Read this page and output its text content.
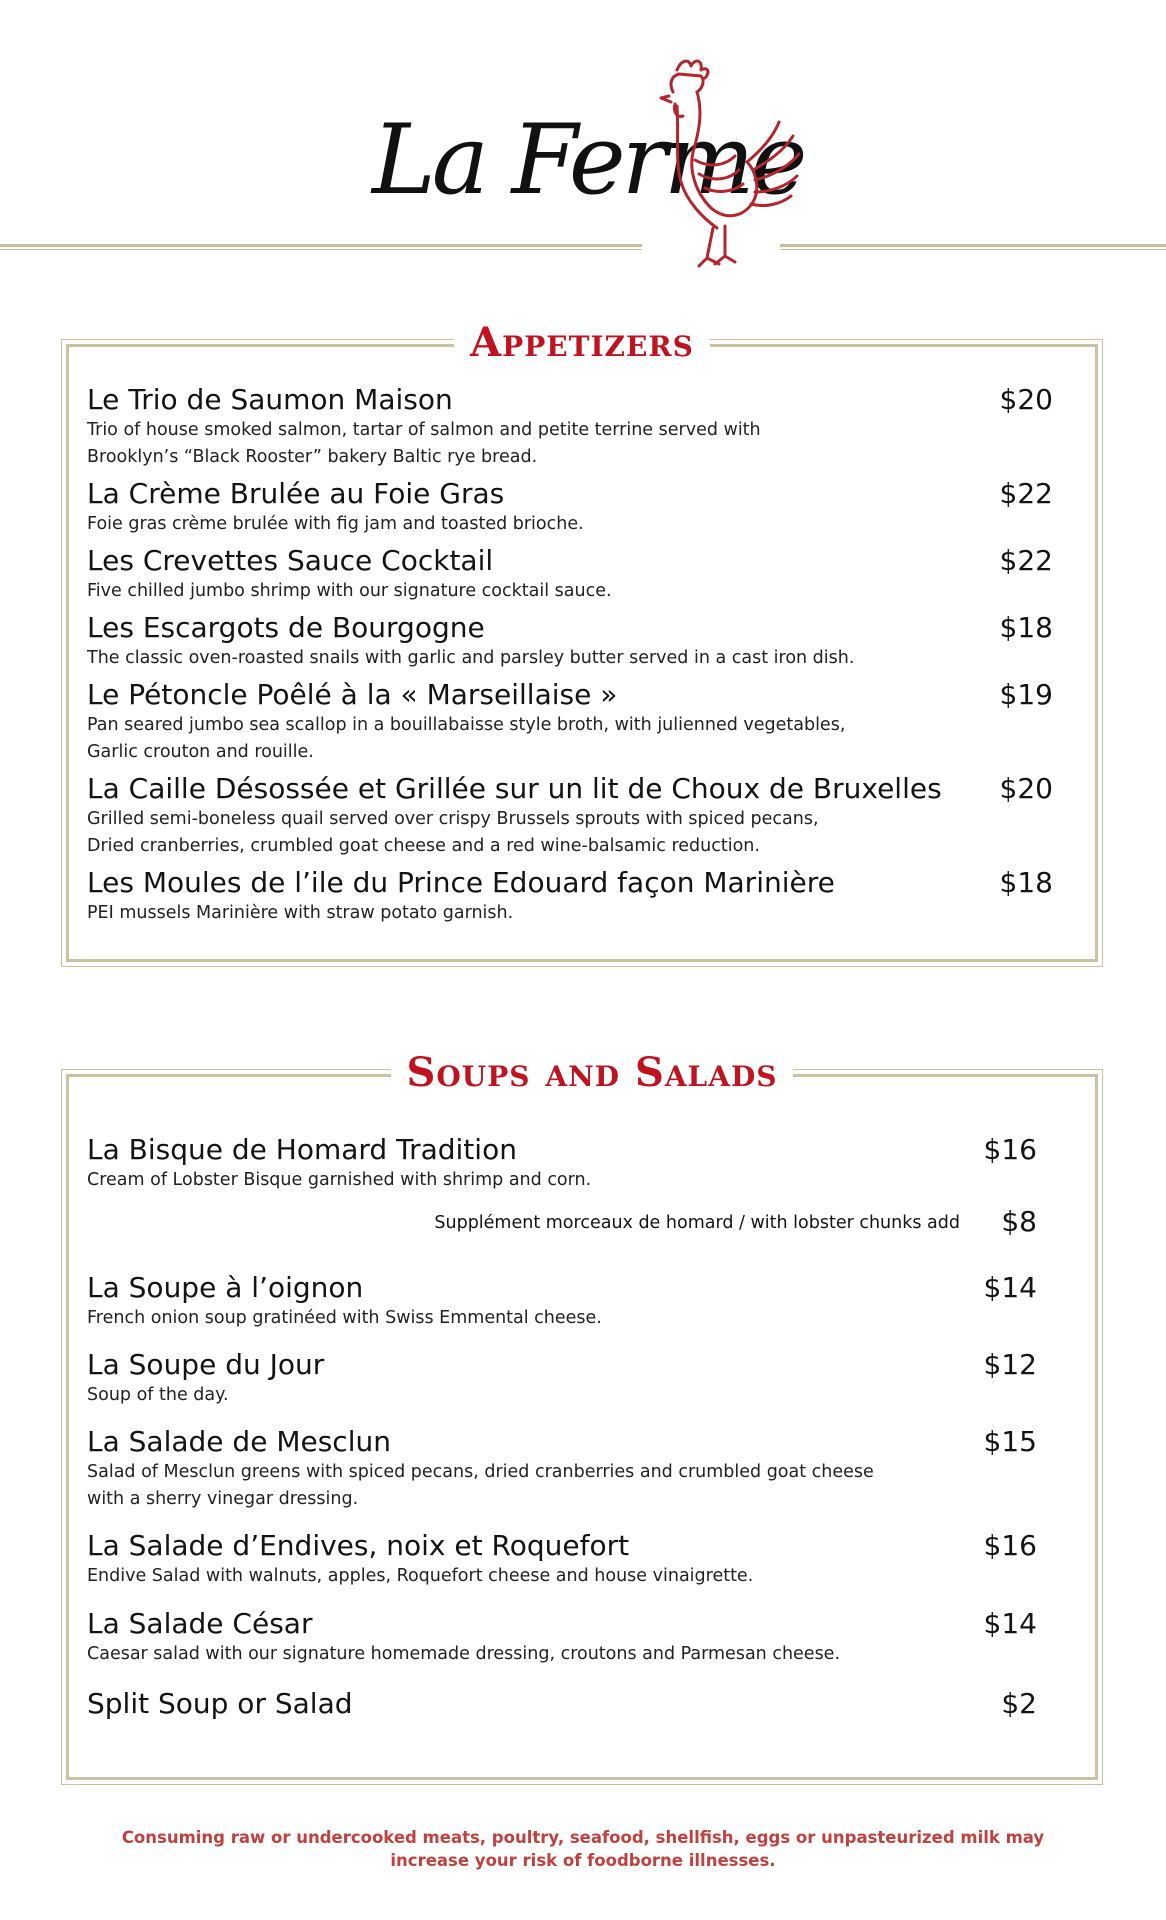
La Ferme
Appetizers
Le Trio de Saumon Maison	$20
Trio of house smoked salmon, tartar of salmon and petite terrine served with
Brooklyn’s “Black Rooster” bakery Baltic rye bread.
La Crème Brulée au Foie Gras	$22
Foie gras crème brulée with fig jam and toasted brioche.
Les Crevettes Sauce Cocktail	$22
Five chilled jumbo shrimp with our signature cocktail sauce.
Les Escargots de Bourgogne	$18
The classic oven-roasted snails with garlic and parsley butter served in a cast iron dish.
Le Pétoncle Poêlé à la « Marseillaise »	$19
Pan seared jumbo sea scallop in a bouillabaisse style broth, with julienned vegetables,
Garlic crouton and rouille.
La Caille Désossée et Grillée sur un lit de Choux de Bruxelles	$20
Grilled semi-boneless quail served over crispy Brussels sprouts with spiced pecans,
Dried cranberries, crumbled goat cheese and a red wine-balsamic reduction.
Les Moules de l’ile du Prince Edouard façon Marinière	$18
PEI mussels Marinière with straw potato garnish.
Soups and Salads
La Bisque de Homard Tradition	$16
Cream of Lobster Bisque garnished with shrimp and corn.
Supplément morceaux de homard / with lobster chunks add	$8
La Soupe à l’oignon	$14
French onion soup gratinéed with Swiss Emmental cheese.
La Soupe du Jour	$12
Soup of the day.
La Salade de Mesclun	$15
Salad of Mesclun greens with spiced pecans, dried cranberries and crumbled goat cheese
with a sherry vinegar dressing.
La Salade d’Endives, noix et Roquefort	$16
Endive Salad with walnuts, apples, Roquefort cheese and house vinaigrette.
La Salade César	$14
Caesar salad with our signature homemade dressing, croutons and Parmesan cheese.
Split Soup or Salad	$2
Consuming raw or undercooked meats, poultry, seafood, shellfish, eggs or unpasteurized milk may
increase your risk of foodborne illnesses.
